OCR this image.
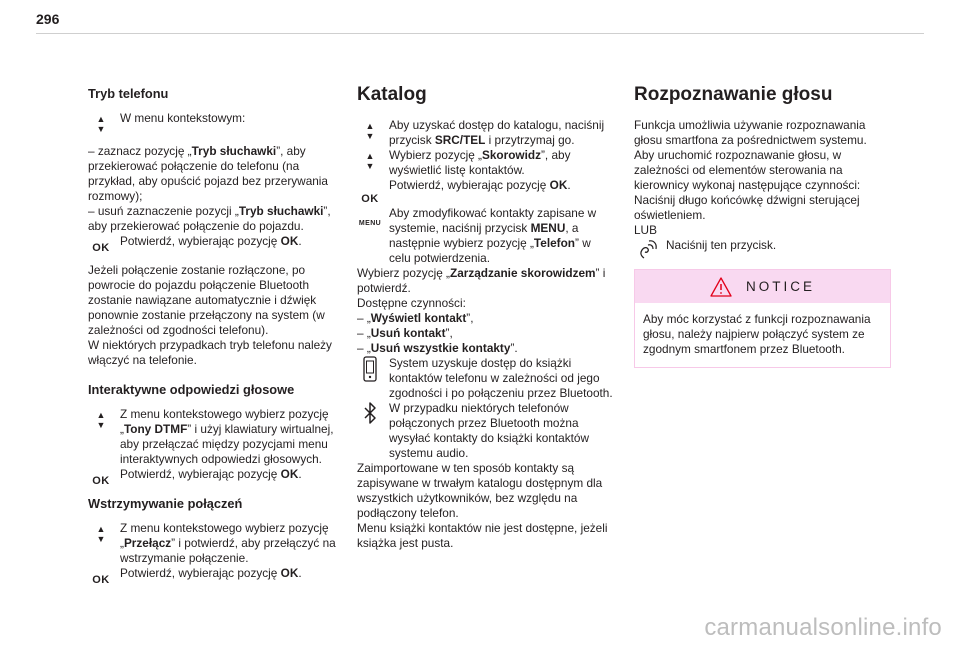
296
Tryb telefonu
▲
▼
W menu kontekstowym:

– zaznacz pozycję „Tryb słuchawki”, aby przekierować połączenie do telefonu (na przykład, aby opuścić pojazd bez przerywania rozmowy);

– usuń zaznaczenie pozycji „Tryb słuchawki”, aby przekierować połączenie do pojazdu.

OK Potwierdź, wybierając pozycję OK.

Jeżeli połączenie zostanie rozłączone, po powrocie do pojazdu połączenie Bluetooth zostanie nawiązane automatycznie i dźwięk ponownie zostanie przełączony na system (w zależności od zgodności telefonu).

W niektórych przypadkach tryb telefonu należy włączyć na telefonie.

Interaktywne odpowiedzi głosowe
▲
▼
Z menu kontekstowego wybierz pozycję „Tony DTMF” i użyj klawiatury wirtualnej, aby przełączać między pozycjami menu interaktywnych odpowiedzi głosowych.
OK Potwierdź, wybierając pozycję OK.
Wstrzymywanie połączeń
▲
▼
Z menu kontekstowego wybierz pozycję „Przełącz” i potwierdź, aby przełączyć na wstrzymanie połączenie.
OK Potwierdź, wybierając pozycję OK.
Katalog
▲
▼
Aby uzyskać dostęp do katalogu, naciśnij przycisk SRC/TEL i przytrzymaj go.
▲
▼
Wybierz pozycję „Skorowidz”, aby wyświetlić listę kontaktów.
OK
Potwierdź, wybierając pozycję OK.
MENU
Aby zmodyfikować kontakty zapisane w systemie, naciśnij przycisk MENU, a następnie wybierz pozycję „Telefon” w celu potwierdzenia.

Wybierz pozycję „Zarządzanie skorowidzem” i potwierdź.

Dostępne czynności:

– „Wyświetl kontakt”,

– „Usuń kontakt”,

– „Usuń wszystkie kontakty”.

System uzyskuje dostęp do książki kontaktów telefonu w zależności od jego zgodności i po połączeniu przez Bluetooth.
W przypadku niektórych telefonów połączonych przez Bluetooth można wysyłać kontakty do książki kontaktów systemu audio.

Zaimportowane w ten sposób kontakty są zapisywane w trwałym katalogu dostępnym dla wszystkich użytkowników, bez względu na podłączony telefon.

Menu książki kontaktów nie jest dostępne, jeżeli książka jest pusta.

Rozpoznawanie głosu

Funkcja umożliwia używanie rozpoznawania głosu smartfona za pośrednictwem systemu.

Aby uruchomić rozpoznawanie głosu, w zależności od elementów sterowania na kierownicy wykonaj następujące czynności:

Naciśnij długo końcówkę dźwigni sterującej oświetleniem.

LUB

Naciśnij ten przycisk.
NOTICE
Aby móc korzystać z funkcji rozpoznawania głosu, należy najpierw połączyć system ze zgodnym smartfonem przez Bluetooth.
carmanualsonline.info
